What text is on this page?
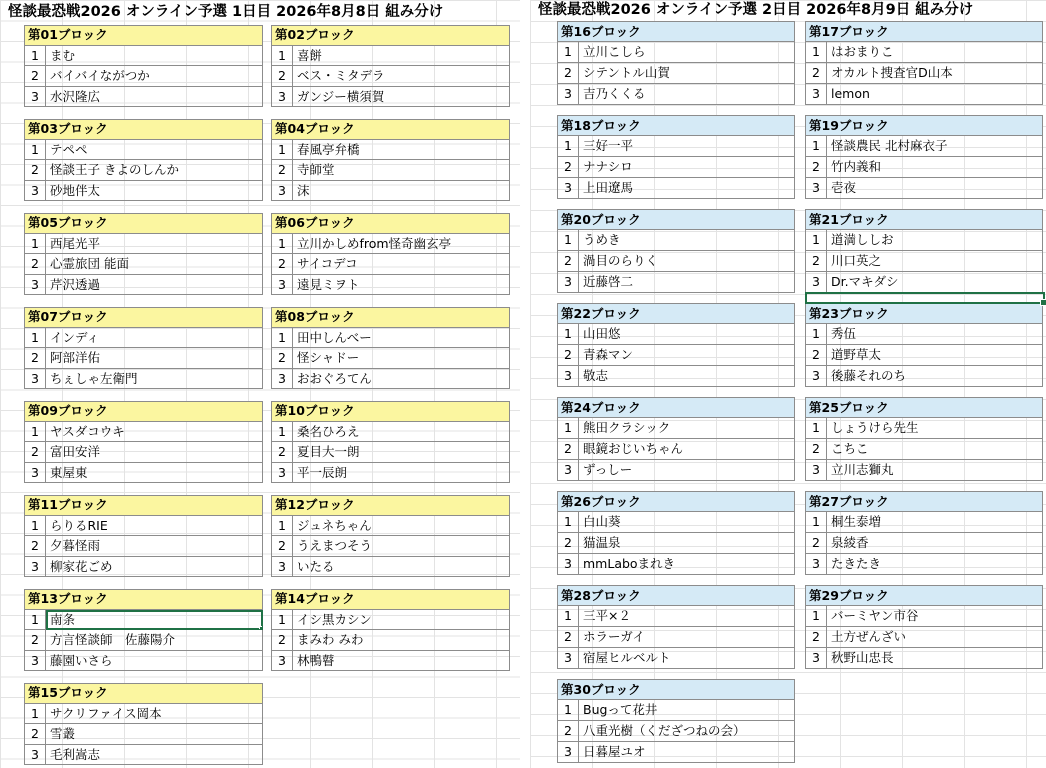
怪談最恐戦2026 オンライン予選 1日目 2026年8月8日 組み分け	怪談最恐戦2026 オンライン予選 2日目 2026年8月9日 組み分け
第01ブロック
1 まむ
2 バイバイながつか
3 水沢隆広
第02ブロック
1 喜餅
2 ベス・ミタデラ
3 ガンジー横須賀
第03ブロック
1 テペペ
2 怪談王子 きよのしんか
3 砂地伴太
第04ブロック
1 春風亭弁橋
2 寺師堂
3 沫
第05ブロック
1 西尾光平
2 心霊旅団 能面
3 芹沢透過
第06ブロック
1 立川かしめfrom怪奇幽玄亭
2 サイコデコ
3 遠見ミヲト
第07ブロック
1 インディ
2 阿部洋佑
3 ちぇしゃ左衛門
第08ブロック
1 田中しんべー
2 怪シャドー
3 おおぐろてん
第09ブロック
1 ヤスダコウキ
2 富田安洋
3 東屋東
第10ブロック
1 桑名ひろえ
2 夏目大一朗
3 平一辰朗
第11ブロック
1 らりるRIE
2 夕暮怪雨
3 柳家花ごめ
第12ブロック
1 ジュネちゃん
2 うえまつそう
3 いたる
第13ブロック
1 南条
2 方言怪談師　佐藤陽介
3 藤園いさら
第14ブロック
1 イシ黒カシン
2 まみわ みわ
3 林鴨瞽
第15ブロック
1 サクリファイス岡本
2 雪叢
3 毛利嵩志
第16ブロック
1 立川こしら
2 シテントル山賀
3 吉乃くくる
第17ブロック
1 はおまりこ
2 オカルト捜査官D山本
3 lemon
第18ブロック
1 三好一平
2 ナナシロ
3 上田遼馬
第19ブロック
1 怪談農民 北村麻衣子
2 竹内義和
3 壱夜
第20ブロック
1 うめき
2 渦目のらりく
3 近藤啓二
第21ブロック
1 道満ししお
2 川口英之
3 Dr.マキダシ
第22ブロック
1 山田悠
2 青森マン
3 敬志
第23ブロック
1 秀伍
2 道野草太
3 後藤それのち
第24ブロック
1 熊田クラシック
2 眼鏡おじいちゃん
3 ずっしー
第25ブロック
1 しょうけら先生
2 こちこ
3 立川志獅丸
第26ブロック
1 白山葵
2 猫温泉
3 mmLaboまれき
第27ブロック
1 桐生泰増
2 泉綾香
3 たきたき
第28ブロック
1 三平×２
2 ホラーガイ
3 宿屋ヒルベルト
第29ブロック
1 バーミヤン市谷
2 土方ぜんざい
3 秋野山忠長
第30ブロック
1 Bugって花井
2 八重光樹（くだざつねの会）
3 日暮屋ユオ
